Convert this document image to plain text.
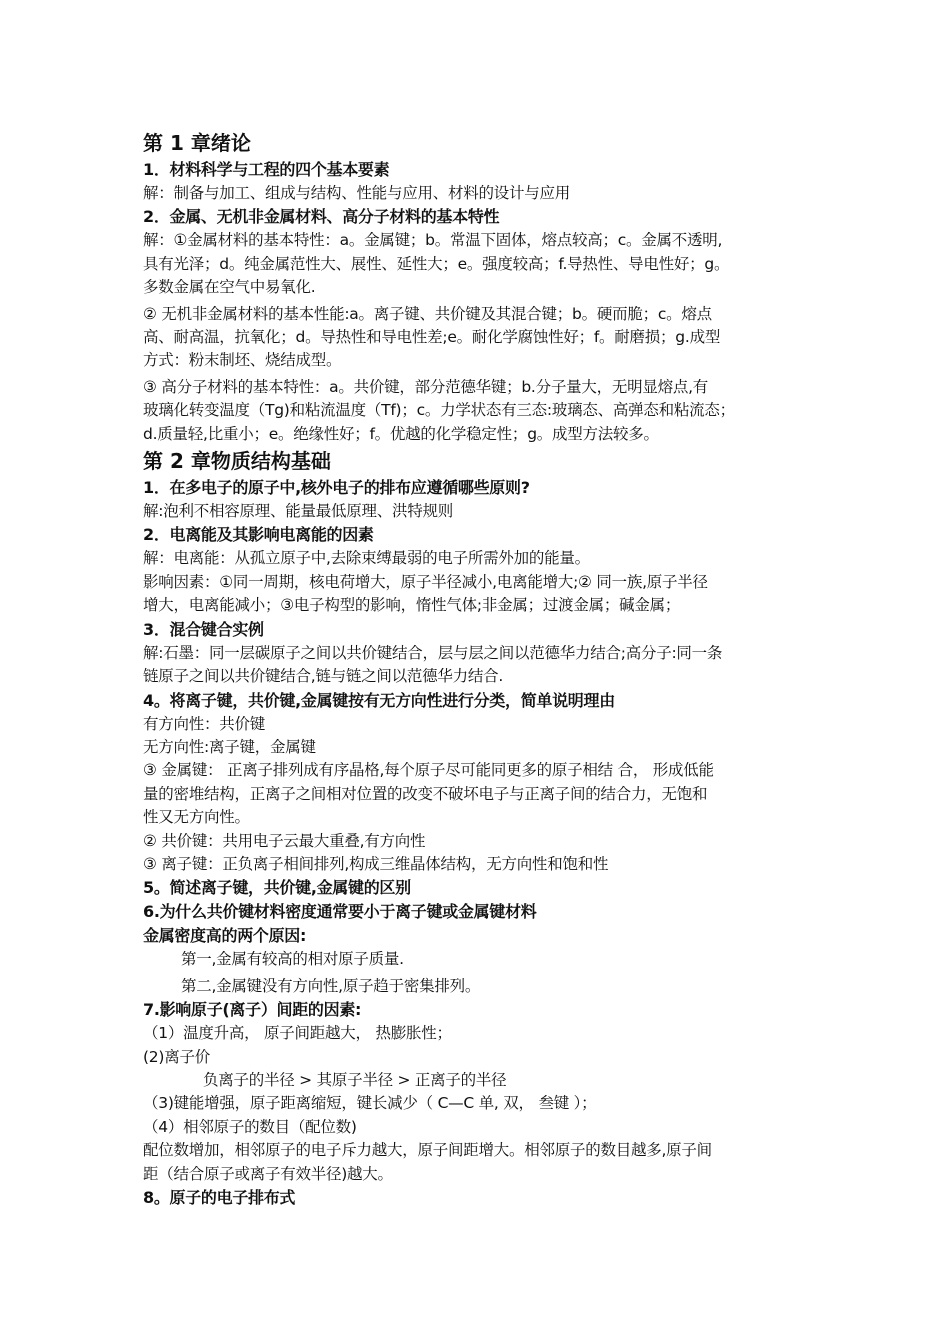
第 1 章绪论
1．材料科学与工程的四个基本要素
解：制备与加工、组成与结构、性能与应用、材料的设计与应用
2．金属、无机非金属材料、高分子材料的基本特性
解：①金属材料的基本特性：a。金属键；b。常温下固体，熔点较高；c。金属不透明,
具有光泽；d。纯金属范性大、展性、延性大；e。强度较高；f.导热性、导电性好；g。
多数金属在空气中易氧化.
② 无机非金属材料的基本性能:a。离子键、共价键及其混合键；b。硬而脆；c。熔点
高、耐高温，抗氧化；d。导热性和导电性差;e。耐化学腐蚀性好；f。耐磨损；g.成型
方式：粉末制坯、烧结成型。
③ 高分子材料的基本特性：a。共价键，部分范德华键；b.分子量大，无明显熔点,有
玻璃化转变温度（Tg)和粘流温度（Tf)；c。力学状态有三态:玻璃态、高弹态和粘流态；
d.质量轻,比重小；e。绝缘性好；f。优越的化学稳定性；g。成型方法较多。
第 2 章物质结构基础
1．在多电子的原子中,核外电子的排布应遵循哪些原则?
解:泡利不相容原理、能量最低原理、洪特规则
2．电离能及其影响电离能的因素
解：电离能：从孤立原子中,去除束缚最弱的电子所需外加的能量。
影响因素：①同一周期，核电荷增大，原子半径减小,电离能增大;② 同一族,原子半径
增大，电离能减小；③电子构型的影响，惰性气体;非金属；过渡金属；碱金属；
3．混合键合实例
解:石墨：同一层碳原子之间以共价键结合，层与层之间以范德华力结合;高分子:同一条
链原子之间以共价键结合,链与链之间以范德华力结合.
4。将离子键，共价键,金属键按有无方向性进行分类，简单说明理由
有方向性：共价键
无方向性:离子键，金属键
③ 金属键： 正离子排列成有序晶格,每个原子尽可能同更多的原子相结 合， 形成低能
量的密堆结构，正离子之间相对位置的改变不破坏电子与正离子间的结合力，无饱和
性又无方向性。
② 共价键：共用电子云最大重叠,有方向性
③ 离子键：正负离子相间排列,构成三维晶体结构，无方向性和饱和性
5。简述离子键，共价键,金属键的区别
6.为什么共价键材料密度通常要小于离子键或金属键材料
金属密度高的两个原因:
第一,金属有较高的相对原子质量.
第二,金属键没有方向性,原子趋于密集排列。
7.影响原子(离子）间距的因素:
（1）温度升高， 原子间距越大， 热膨胀性；
(2)离子价
负离子的半径 > 其原子半径 > 正离子的半径
（3)键能增强，原子距离缩短，键长减少（ C—C 单, 双， 叁键 ）；
（4）相邻原子的数目（配位数)
配位数增加，相邻原子的电子斥力越大，原子间距增大。相邻原子的数目越多,原子间
距（结合原子或离子有效半径)越大。
8。原子的电子排布式
